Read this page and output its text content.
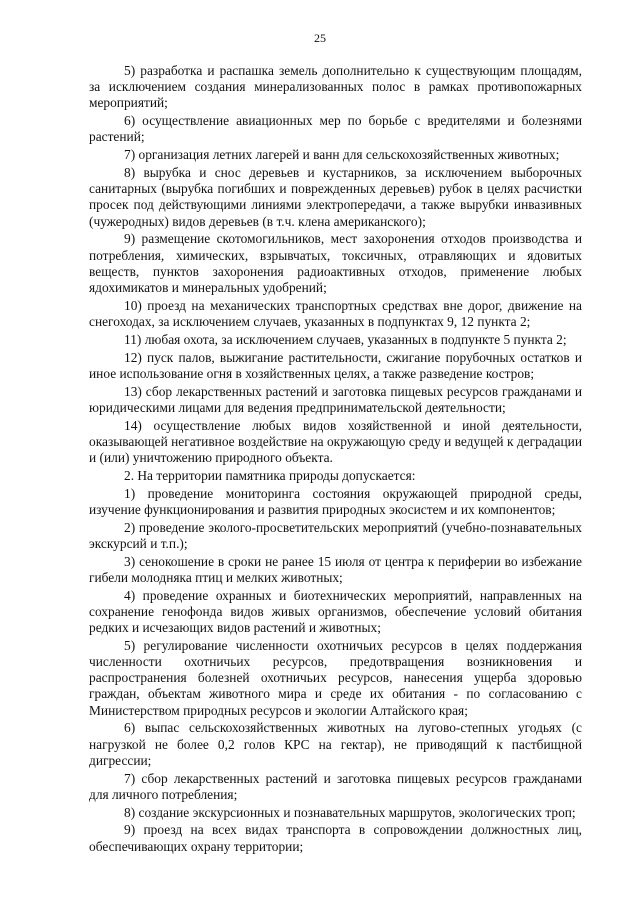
25

5) разработка и распашка земель дополнительно к существующим площадям, за исключением создания минерализованных полос в рамках противопожарных мероприятий;

6) осуществление авиационных мер по борьбе с вредителями и болезнями растений;

7) организация летних лагерей и ванн для сельскохозяйственных животных;

8) вырубка и снос деревьев и кустарников, за исключением выборочных санитарных (вырубка погибших и поврежденных деревьев) рубок в целях расчистки просек под действующими линиями электропередачи, а также вырубки инвазивных (чужеродных) видов деревьев (в т.ч. клена американского);

9) размещение скотомогильников, мест захоронения отходов производства и потребления, химических, взрывчатых, токсичных, отравляющих и ядовитых веществ, пунктов захоронения радиоактивных отходов, применение любых ядохимикатов и минеральных удобрений;

10) проезд на механических транспортных средствах вне дорог, движение на снегоходах, за исключением случаев, указанных в подпунктах 9, 12 пункта 2;

11) любая охота, за исключением случаев, указанных в подпункте 5 пункта 2;

12) пуск палов, выжигание растительности, сжигание порубочных остатков и иное использование огня в хозяйственных целях, а также разведение костров;

13) сбор лекарственных растений и заготовка пищевых ресурсов гражданами и юридическими лицами для ведения предпринимательской деятельности;

14) осуществление любых видов хозяйственной и иной деятельности, оказывающей негативное воздействие на окружающую среду и ведущей к деградации и (или) уничтожению природного объекта.

2. На территории памятника природы допускается:

1) проведение мониторинга состояния окружающей природной среды, изучение функционирования и развития природных экосистем и их компонентов;

2) проведение эколого-просветительских мероприятий (учебно-познавательных экскурсий и т.п.);

3) сенокошение в сроки не ранее 15 июля от центра к периферии во избежание гибели молодняка птиц и мелких животных;

4) проведение охранных и биотехнических мероприятий, направленных на сохранение генофонда видов живых организмов, обеспечение условий обитания редких и исчезающих видов растений и животных;

5) регулирование численности охотничьих ресурсов в целях поддержания численности охотничьих ресурсов, предотвращения возникновения и распространения болезней охотничьих ресурсов, нанесения ущерба здоровью граждан, объектам животного мира и среде их обитания - по согласованию с Министерством природных ресурсов и экологии Алтайского края;

6) выпас сельскохозяйственных животных на лугово-степных угодьях (с нагрузкой не более 0,2 голов КРС на гектар), не приводящий к пастбищной дигрессии;

7) сбор лекарственных растений и заготовка пищевых ресурсов гражданами для личного потребления;

8) создание экскурсионных и познавательных маршрутов, экологических троп;

9) проезд на всех видах транспорта в сопровождении должностных лиц, обеспечивающих охрану территории;
